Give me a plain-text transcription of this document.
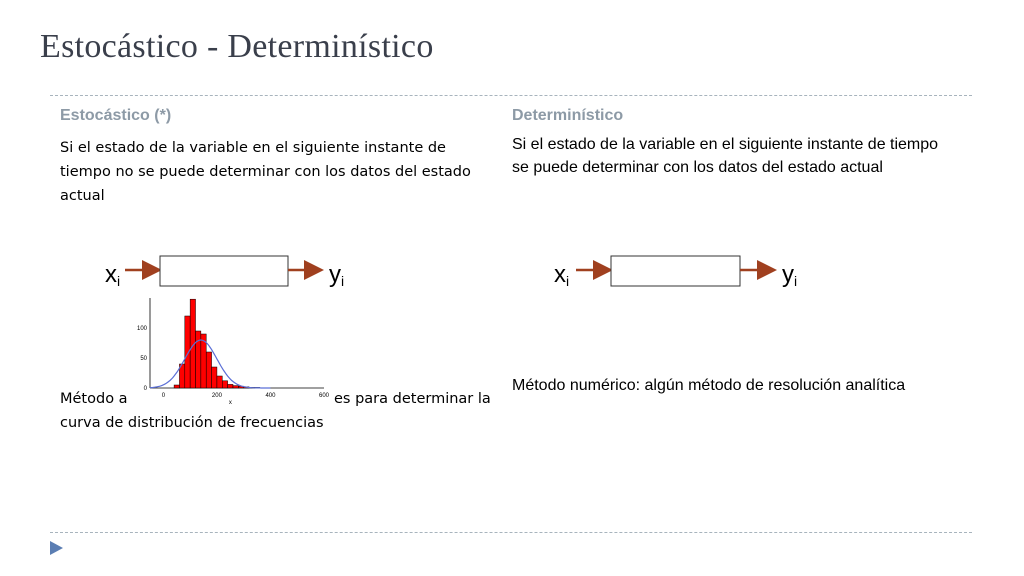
Estocástico - Determinístico
Estocástico (*)

Si el estado de la variable en el siguiente instante de tiempo no se puede determinar con los datos del estado actual

xi	yi

Método a	es para determinar la

curva de distribución de frecuencias

0	200	400	600
0
50
100
x
Determinístico

Si el estado de la variable en el siguiente instante de tiempo se puede determinar con los datos del estado actual

xi	yi

Método numérico: algún método de resolución analítica
